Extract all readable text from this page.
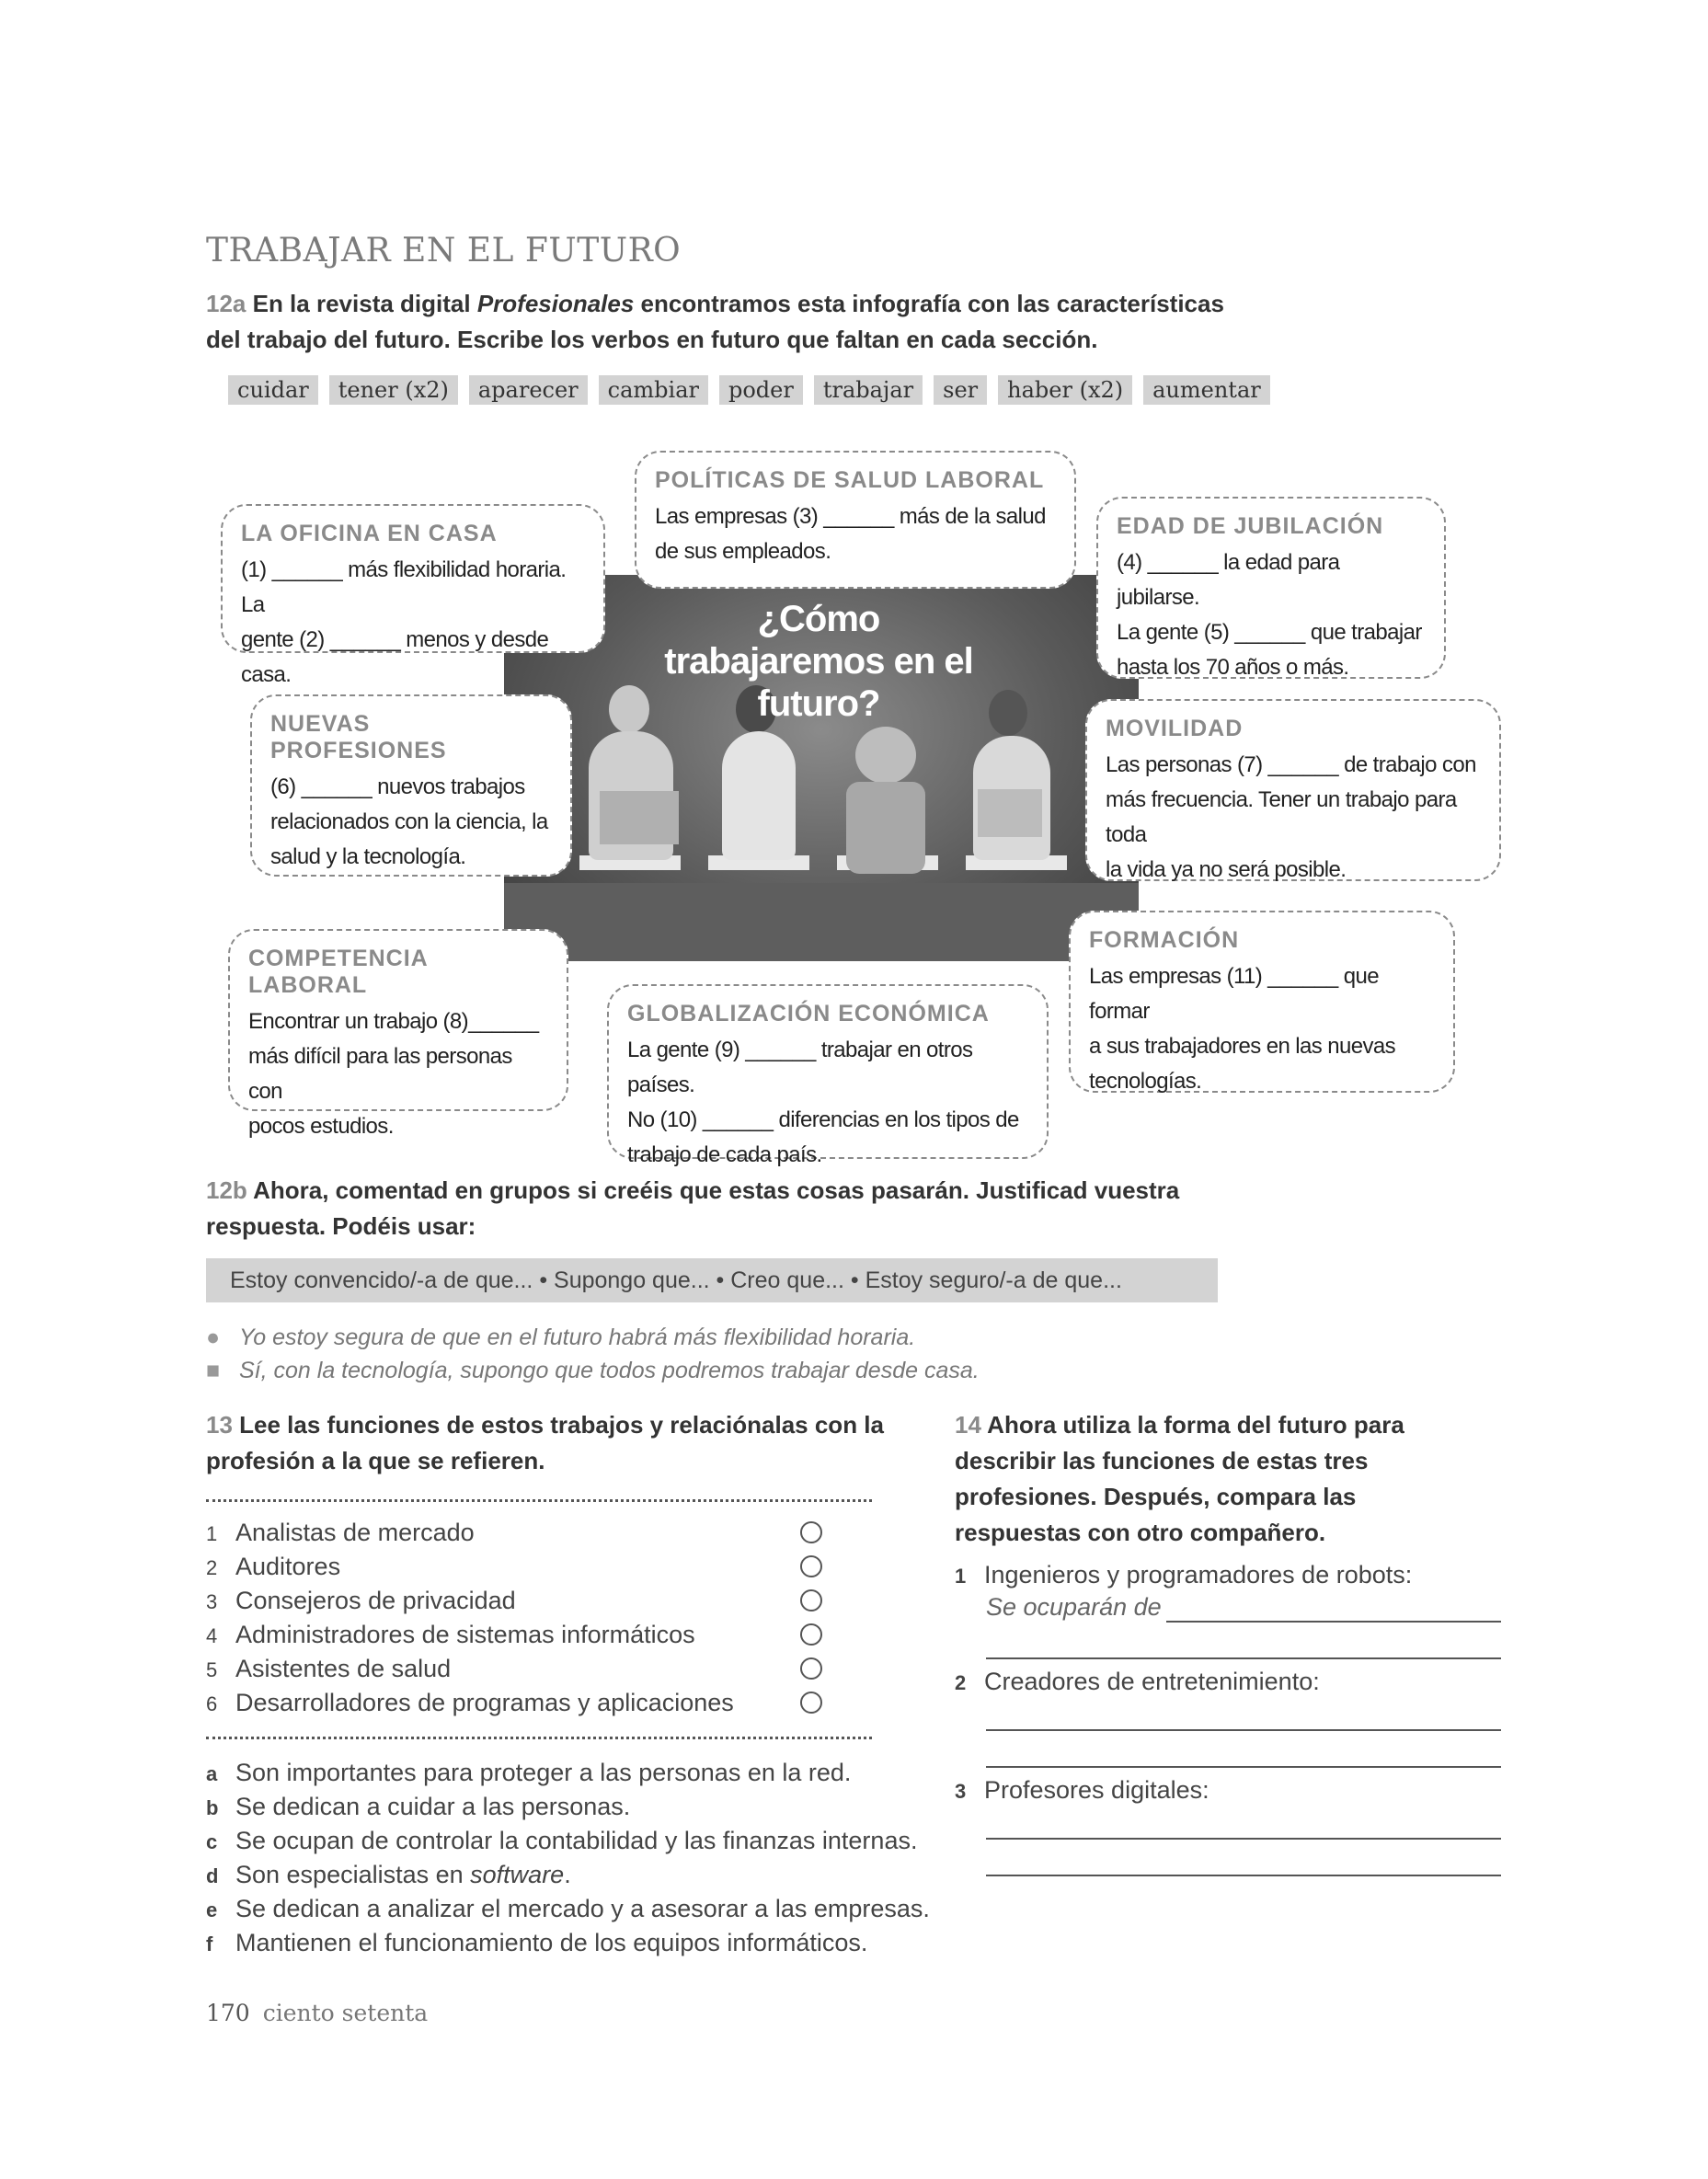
TRABAJAR EN EL FUTURO
12a En la revista digital Profesionales encontramos esta infografía con las características del trabajo del futuro. Escribe los verbos en futuro que faltan en cada sección.
cuidar	tener (x2)	aparecer	cambiar	poder	trabajar	ser	haber (x2)	aumentar
¿Cómo trabajaremos en el futuro?
LA OFICINA EN CASA
(1) ______ más flexibilidad horaria. La
gente (2) ______ menos y desde casa.
POLÍTICAS DE SALUD LABORAL
Las empresas (3) ______ más de la salud
de sus empleados.
EDAD DE JUBILACIÓN
(4) ______ la edad para jubilarse.
La gente (5) ______ que trabajar
hasta los 70 años o más.
NUEVAS PROFESIONES
(6) ______ nuevos trabajos
relacionados con la ciencia, la
salud y la tecnología.
MOVILIDAD
Las personas (7) ______ de trabajo con
más frecuencia. Tener un trabajo para toda
la vida ya no será posible.
COMPETENCIA LABORAL
Encontrar un trabajo (8)______
más difícil para las personas con
pocos estudios.
FORMACIÓN
Las empresas (11) ______ que formar
a sus trabajadores en las nuevas
tecnologías.
GLOBALIZACIÓN ECONÓMICA
La gente (9) ______ trabajar en otros países.
No (10) ______ diferencias en los tipos de
trabajo de cada país.
12b Ahora, comentad en grupos si creéis que estas cosas pasarán. Justificad vuestra respuesta. Podéis usar:
Estoy convencido/-a de que... • Supongo que... • Creo que... • Estoy seguro/-a de que...
● Yo estoy segura de que en el futuro habrá más flexibilidad horaria.
■ Sí, con la tecnología, supongo que todos podremos trabajar desde casa.
13 Lee las funciones de estos trabajos y relaciónalas con la profesión a la que se refieren.
1 Analistas de mercado
2 Auditores
3 Consejeros de privacidad
4 Administradores de sistemas informáticos
5 Asistentes de salud
6 Desarrolladores de programas y aplicaciones
a Son importantes para proteger a las personas en la red.
b Se dedican a cuidar a las personas.
c Se ocupan de controlar la contabilidad y las finanzas internas.
d Son especialistas en software.
e Se dedican a analizar el mercado y a asesorar a las empresas.
f Mantienen el funcionamiento de los equipos informáticos.
14 Ahora utiliza la forma del futuro para describir las funciones de estas tres profesiones. Después, compara las respuestas con otro compañero.
1 Ingenieros y programadores de robots:
Se ocuparán de
2 Creadores de entretenimiento:
3 Profesores digitales:
170 ciento setenta
